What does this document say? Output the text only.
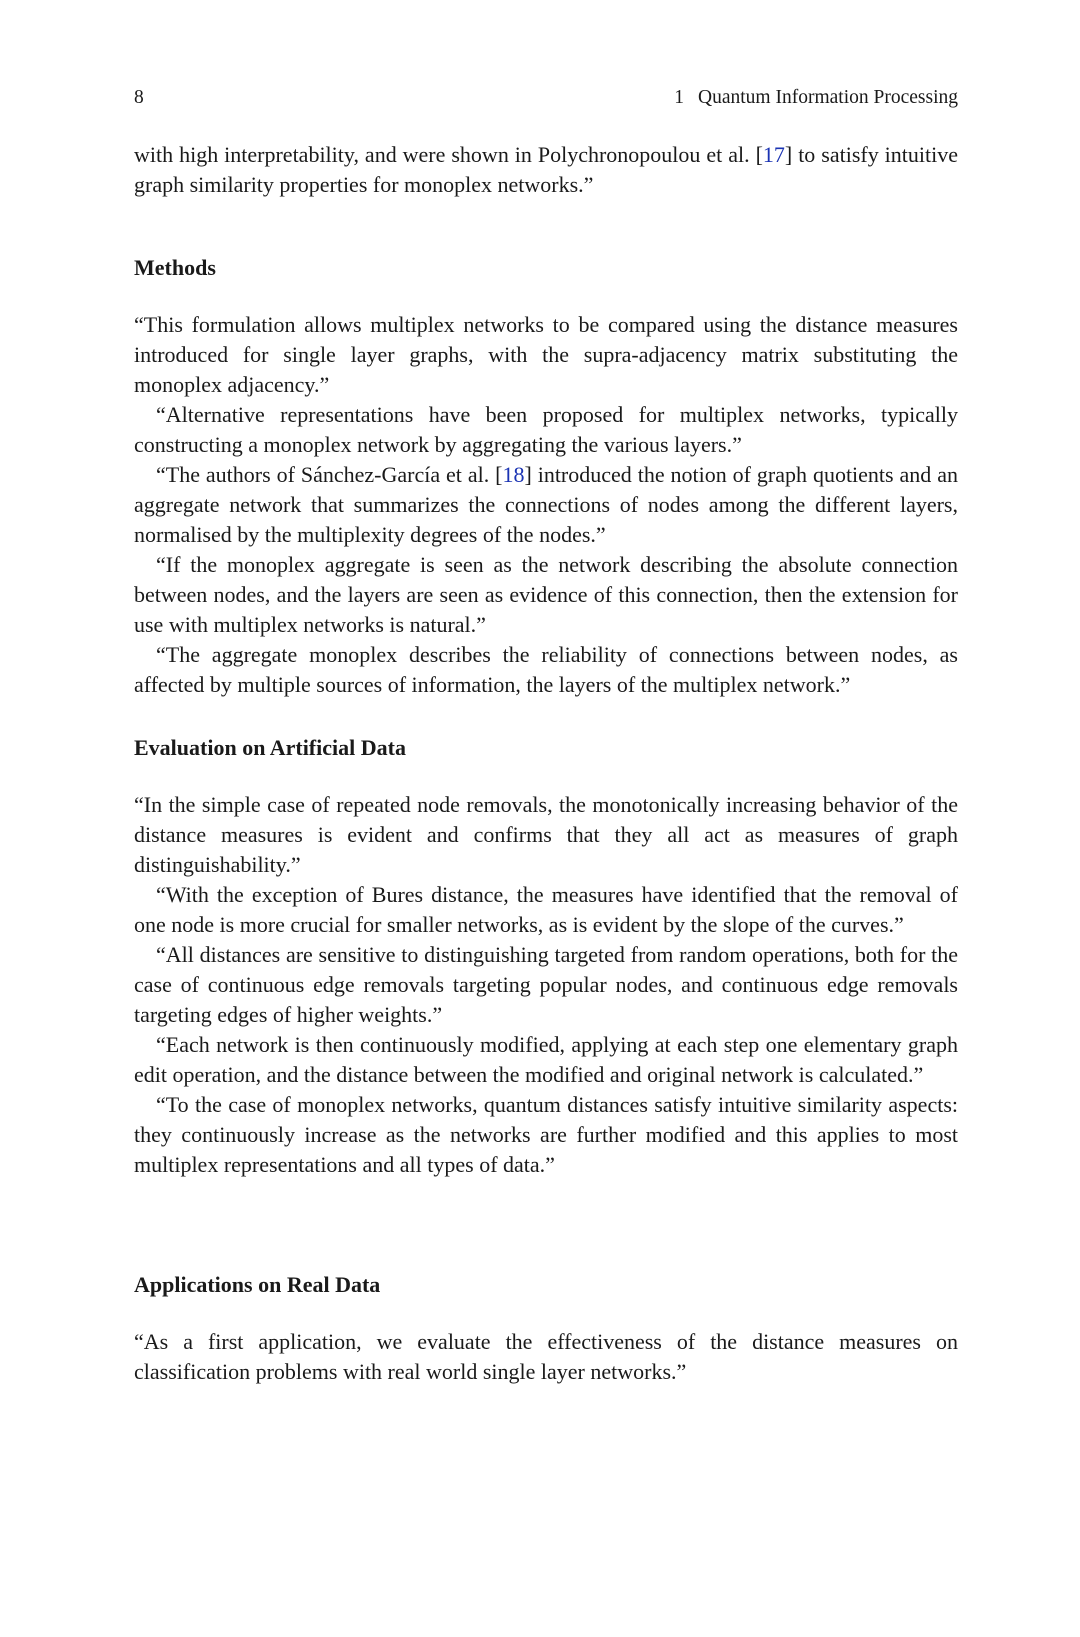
8	1 Quantum Information Processing

with high interpretability, and were shown in Polychronopoulou et al. [17] to satisfy intuitive graph similarity properties for monoplex networks.”

Methods

“This formulation allows multiplex networks to be compared using the distance measures introduced for single layer graphs, with the supra-adjacency matrix substituting the monoplex adjacency.”

“Alternative representations have been proposed for multiplex networks, typically constructing a monoplex network by aggregating the various layers.”

“The authors of Sánchez-García et al. [18] introduced the notion of graph quotients and an aggregate network that summarizes the connections of nodes among the different layers, normalised by the multiplexity degrees of the nodes.”

“If the monoplex aggregate is seen as the network describing the absolute connection between nodes, and the layers are seen as evidence of this connection, then the extension for use with multiplex networks is natural.”

“The aggregate monoplex describes the reliability of connections between nodes, as affected by multiple sources of information, the layers of the multiplex network.”

Evaluation on Artificial Data

“In the simple case of repeated node removals, the monotonically increasing behavior of the distance measures is evident and confirms that they all act as measures of graph distinguishability.”

“With the exception of Bures distance, the measures have identified that the removal of one node is more crucial for smaller networks, as is evident by the slope of the curves.”

“All distances are sensitive to distinguishing targeted from random operations, both for the case of continuous edge removals targeting popular nodes, and continuous edge removals targeting edges of higher weights.”

“Each network is then continuously modified, applying at each step one elementary graph edit operation, and the distance between the modified and original network is calculated.”

“To the case of monoplex networks, quantum distances satisfy intuitive similarity aspects: they continuously increase as the networks are further modified and this applies to most multiplex representations and all types of data.”

Applications on Real Data

“As a first application, we evaluate the effectiveness of the distance measures on classification problems with real world single layer networks.”
